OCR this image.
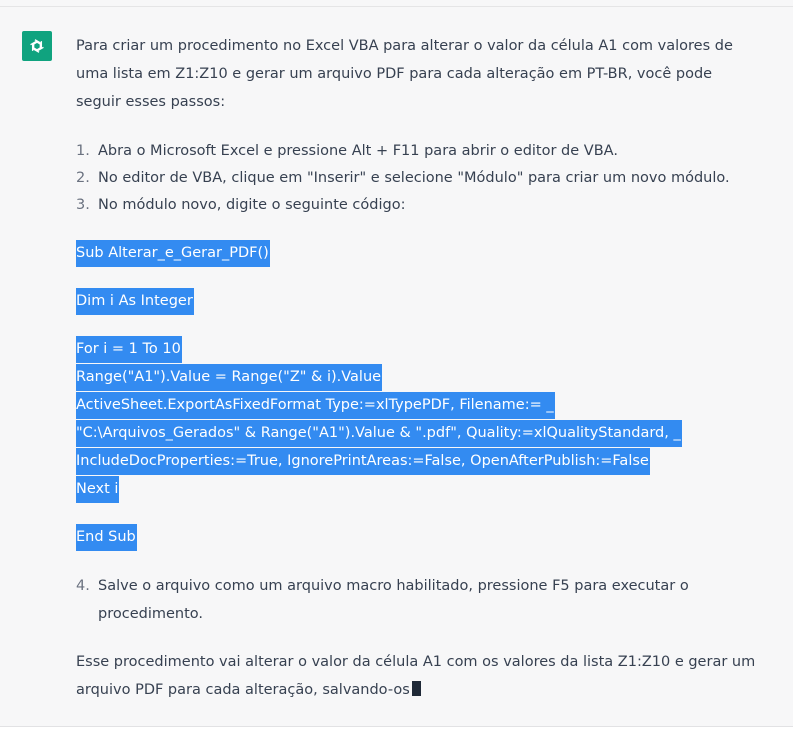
Para criar um procedimento no Excel VBA para alterar o valor da célula A1 com valores de
uma lista em Z1:Z10 e gerar um arquivo PDF para cada alteração em PT-BR, você pode
seguir esses passos:
1. Abra o Microsoft Excel e pressione Alt + F11 para abrir o editor de VBA.
2. No editor de VBA, clique em "Inserir" e selecione "Módulo" para criar um novo módulo.
3. No módulo novo, digite o seguinte código:
Sub Alterar_e_Gerar_PDF()
Dim i As Integer
For i = 1 To 10
Range("A1").Value = Range("Z" & i).Value
ActiveSheet.ExportAsFixedFormat Type:=xlTypePDF, Filename:= _
"C:\Arquivos_Gerados" & Range("A1").Value & ".pdf", Quality:=xlQualityStandard, _
IncludeDocProperties:=True, IgnorePrintAreas:=False, OpenAfterPublish:=False
Next i
End Sub
4. Salve o arquivo como um arquivo macro habilitado, pressione F5 para executar o
procedimento.
Esse procedimento vai alterar o valor da célula A1 com os valores da lista Z1:Z10 e gerar um
arquivo PDF para cada alteração, salvando-os
